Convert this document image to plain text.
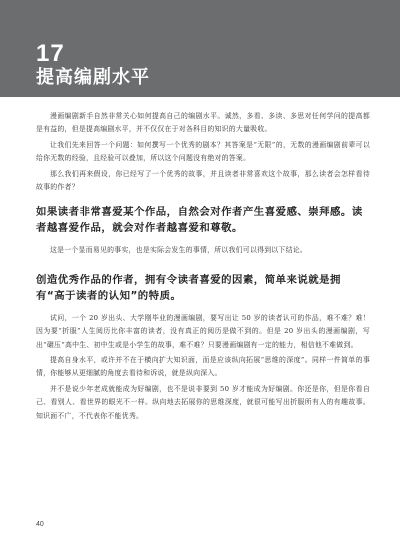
17
提高编剧水平

漫画编剧新手自然非常关心如何提高自己的编剧水平。诚然，多看、多读、多思对任何学问的提高都是有益的，但是提高编剧水平，并不仅仅在于对各科目的知识的大量吸收。

让我们先来回答一个问题：如何撰写一个优秀的剧本？其答案是“无限”的，无数的漫画编剧前辈可以给你无数的经验，且经验可以叠加，所以这个问题没有绝对的答案。

那么我们再来假设，你已经写了一个优秀的故事，并且读者非常喜欢这个故事，那么读者会怎样看待故事的作者？

如果读者非常喜爱某个作品，自然会对作者产生喜爱感、崇拜感。读者越喜爱作品，就会对作者越喜爱和尊敬。

这是一个显而易见的事实，也是实际会发生的事情，所以我们可以得到以下结论。

创造优秀作品的作者，拥有令读者喜爱的因素，简单来说就是拥有“高于读者的认知”的特质。

试问，一个 20 岁出头、大学刚毕业的漫画编剧，要写出让 50 岁的读者认可的作品，难不难？难！因为要“折服”人生阅历比你丰富的读者，没有真正的阅历是做不到的。但是 20 岁出头的漫画编剧，写出“碾压”高中生、初中生或是小学生的故事，难不难？只要漫画编剧有一定的能力，相信他不难做到。

提高自身水平，或许并不在于横向扩大知识面，而是应该纵向拓展“思维的深度”。同样一件简单的事情，你能够从更细腻的角度去看待和诉说，就是纵向深入。

并不是说少年老成就能成为好编剧，也不是说非要到 50 岁才能成为好编剧。你还是你，但是你看自己、看别人、看世界的眼光不一样。纵向地去拓展你的思维深度，就很可能写出折服所有人的有趣故事。知识面不广，不代表你不能优秀。

40
